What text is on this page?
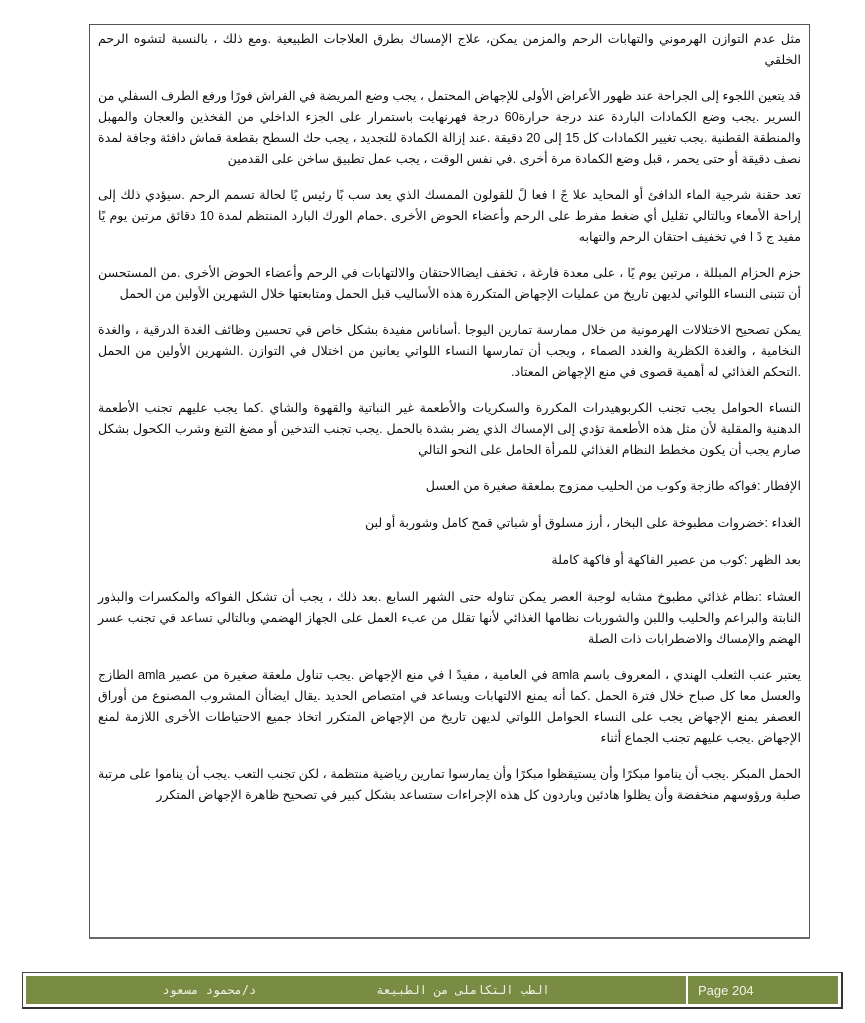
مثل عدم التوازن الهرموني والتهابات الرحم والمزمن يمكن، علاج الإمساك بطرق العلاجات الطبيعية .ومع ذلك ، بالنسبة لتشوه الرحم الخلقي

قد يتعين اللجوء إلى الجراحة عند ظهور الأعراض الأولى للإجهاض المحتمل ، يجب وضع المريضة في الفراش فورًا ورفع الطرف السفلي من السرير .يجب وضع الكمادات الباردة عند درجة حرارة60 درجة فهرنهايت باستمرار على الجزء الداخلي من الفخذين والعجان والمهبل والمنطقة القطنية .يجب تغيير الكمادات كل 15 إلى 20 دقيقة .عند إزالة الكمادة للتجديد ، يجب حك السطح بقطعة قماش دافئة وجافة لمدة نصف دقيقة أو حتى يحمر ، قبل وضع الكمادة مرة أخرى .في نفس الوقت ، يجب عمل تطبيق ساخن على القدمين

تعد حقنة شرجية الماء الدافئ أو المحايد علا جً ا فعا لً للقولون الممسك الذي يعد سب بًا رئيس يًا لحالة تسمم الرحم .سيؤدي ذلك إلى إراحة الأمعاء وبالتالي تقليل أي ضغط مفرط على الرحم وأعضاء الحوض الأخرى .حمام الورك البارد المنتظم لمدة 10 دقائق مرتين يوم يًا مفيد ج دً ا في تخفيف احتقان الرحم والتهابه

حزم الحزام المبللة ، مرتين يوم يًا ، على معدة فارغة ، تخفف ايضاالاحتقان والالتهابات في الرحم وأعضاء الحوض الأخرى .من المستحسن أن تتبنى النساء اللواتي لديهن تاريخ من عمليات الإجهاض المتكررة هذه الأساليب قبل الحمل ومتابعتها خلال الشهرين الأولين من الحمل

يمكن تصحيح الاختلالات الهرمونية من خلال ممارسة تمارين اليوجا .أساناس مفيدة بشكل خاص في تحسين وظائف الغدة الدرقية ، والغدة النخامية ، والغدة الكظرية والغدد الصماء ، ويجب أن تمارسها النساء اللواتي يعانين من اختلال في التوازن .الشهرين الأولين من الحمل .التحكم الغذائي له أهمية قصوى في منع الإجهاض المعتاد.

النساء الحوامل يجب تجنب الكربوهيدرات المكررة والسكريات والأطعمة غير النباتية والقهوة والشاي .كما يجب عليهم تجنب الأطعمة الدهنية والمقلية لأن مثل هذه الأطعمة تؤدي إلى الإمساك الذي يضر بشدة بالحمل .يجب تجنب التدخين أو مضغ التبغ وشرب الكحول بشكل صارم يجب أن يكون مخطط النظام الغذائي للمرأة الحامل على النحو التالي

الإفطار :فواكه طازجة وكوب من الحليب ممزوج بملعقة صغيرة من العسل

الغداء :خضروات مطبوخة على البخار ، أرز مسلوق أو شباتي قمح كامل وشوربة أو لبن

بعد الظهر :كوب من عصير الفاكهة أو فاكهة كاملة

العشاء :نظام غذائي مطبوخ مشابه لوجبة العصر يمكن تناوله حتى الشهر السابع .بعد ذلك ، يجب أن تشكل الفواكه والمكسرات والبذور النابتة والبراعم والحليب واللبن والشوربات نظامها الغذائي لأنها تقلل من عبء العمل على الجهاز الهضمي وبالتالي تساعد في تجنب عسر الهضم والإمساك والاضطرابات ذات الصلة

يعتبر عنب الثعلب الهندي ، المعروف باسم amla في العامية ، مفيدً ا في منع الإجهاض .يجب تناول ملعقة صغيرة من عصير amla الطازج والعسل معا كل صباح خلال فترة الحمل .كما أنه يمنع الالتهابات ويساعد في امتصاص الحديد .يقال ايضاأن المشروب المصنوع من أوراق العصفر يمنع الإجهاض يجب على النساء الحوامل اللواتي لديهن تاريخ من الإجهاض المتكرر اتخاذ جميع الاحتياطات الأخرى اللازمة لمنع الإجهاض .يجب عليهم تجنب الجماع أثناء

الحمل المبكر .يجب أن يناموا مبكرًا وأن يستيقظوا مبكرًا وأن يمارسوا تمارين رياضية منتظمة ، لكن تجنب التعب .يجب أن يناموا على مرتبة صلبة ورؤوسهم منخفضة وأن يظلوا هادئين وباردون كل هذه الإجراءات ستساعد بشكل كبير في تصحيح ظاهرة الإجهاض المتكرر

الطب التكاملى من الطبيعة
د/محمود مسعود	Page 204
